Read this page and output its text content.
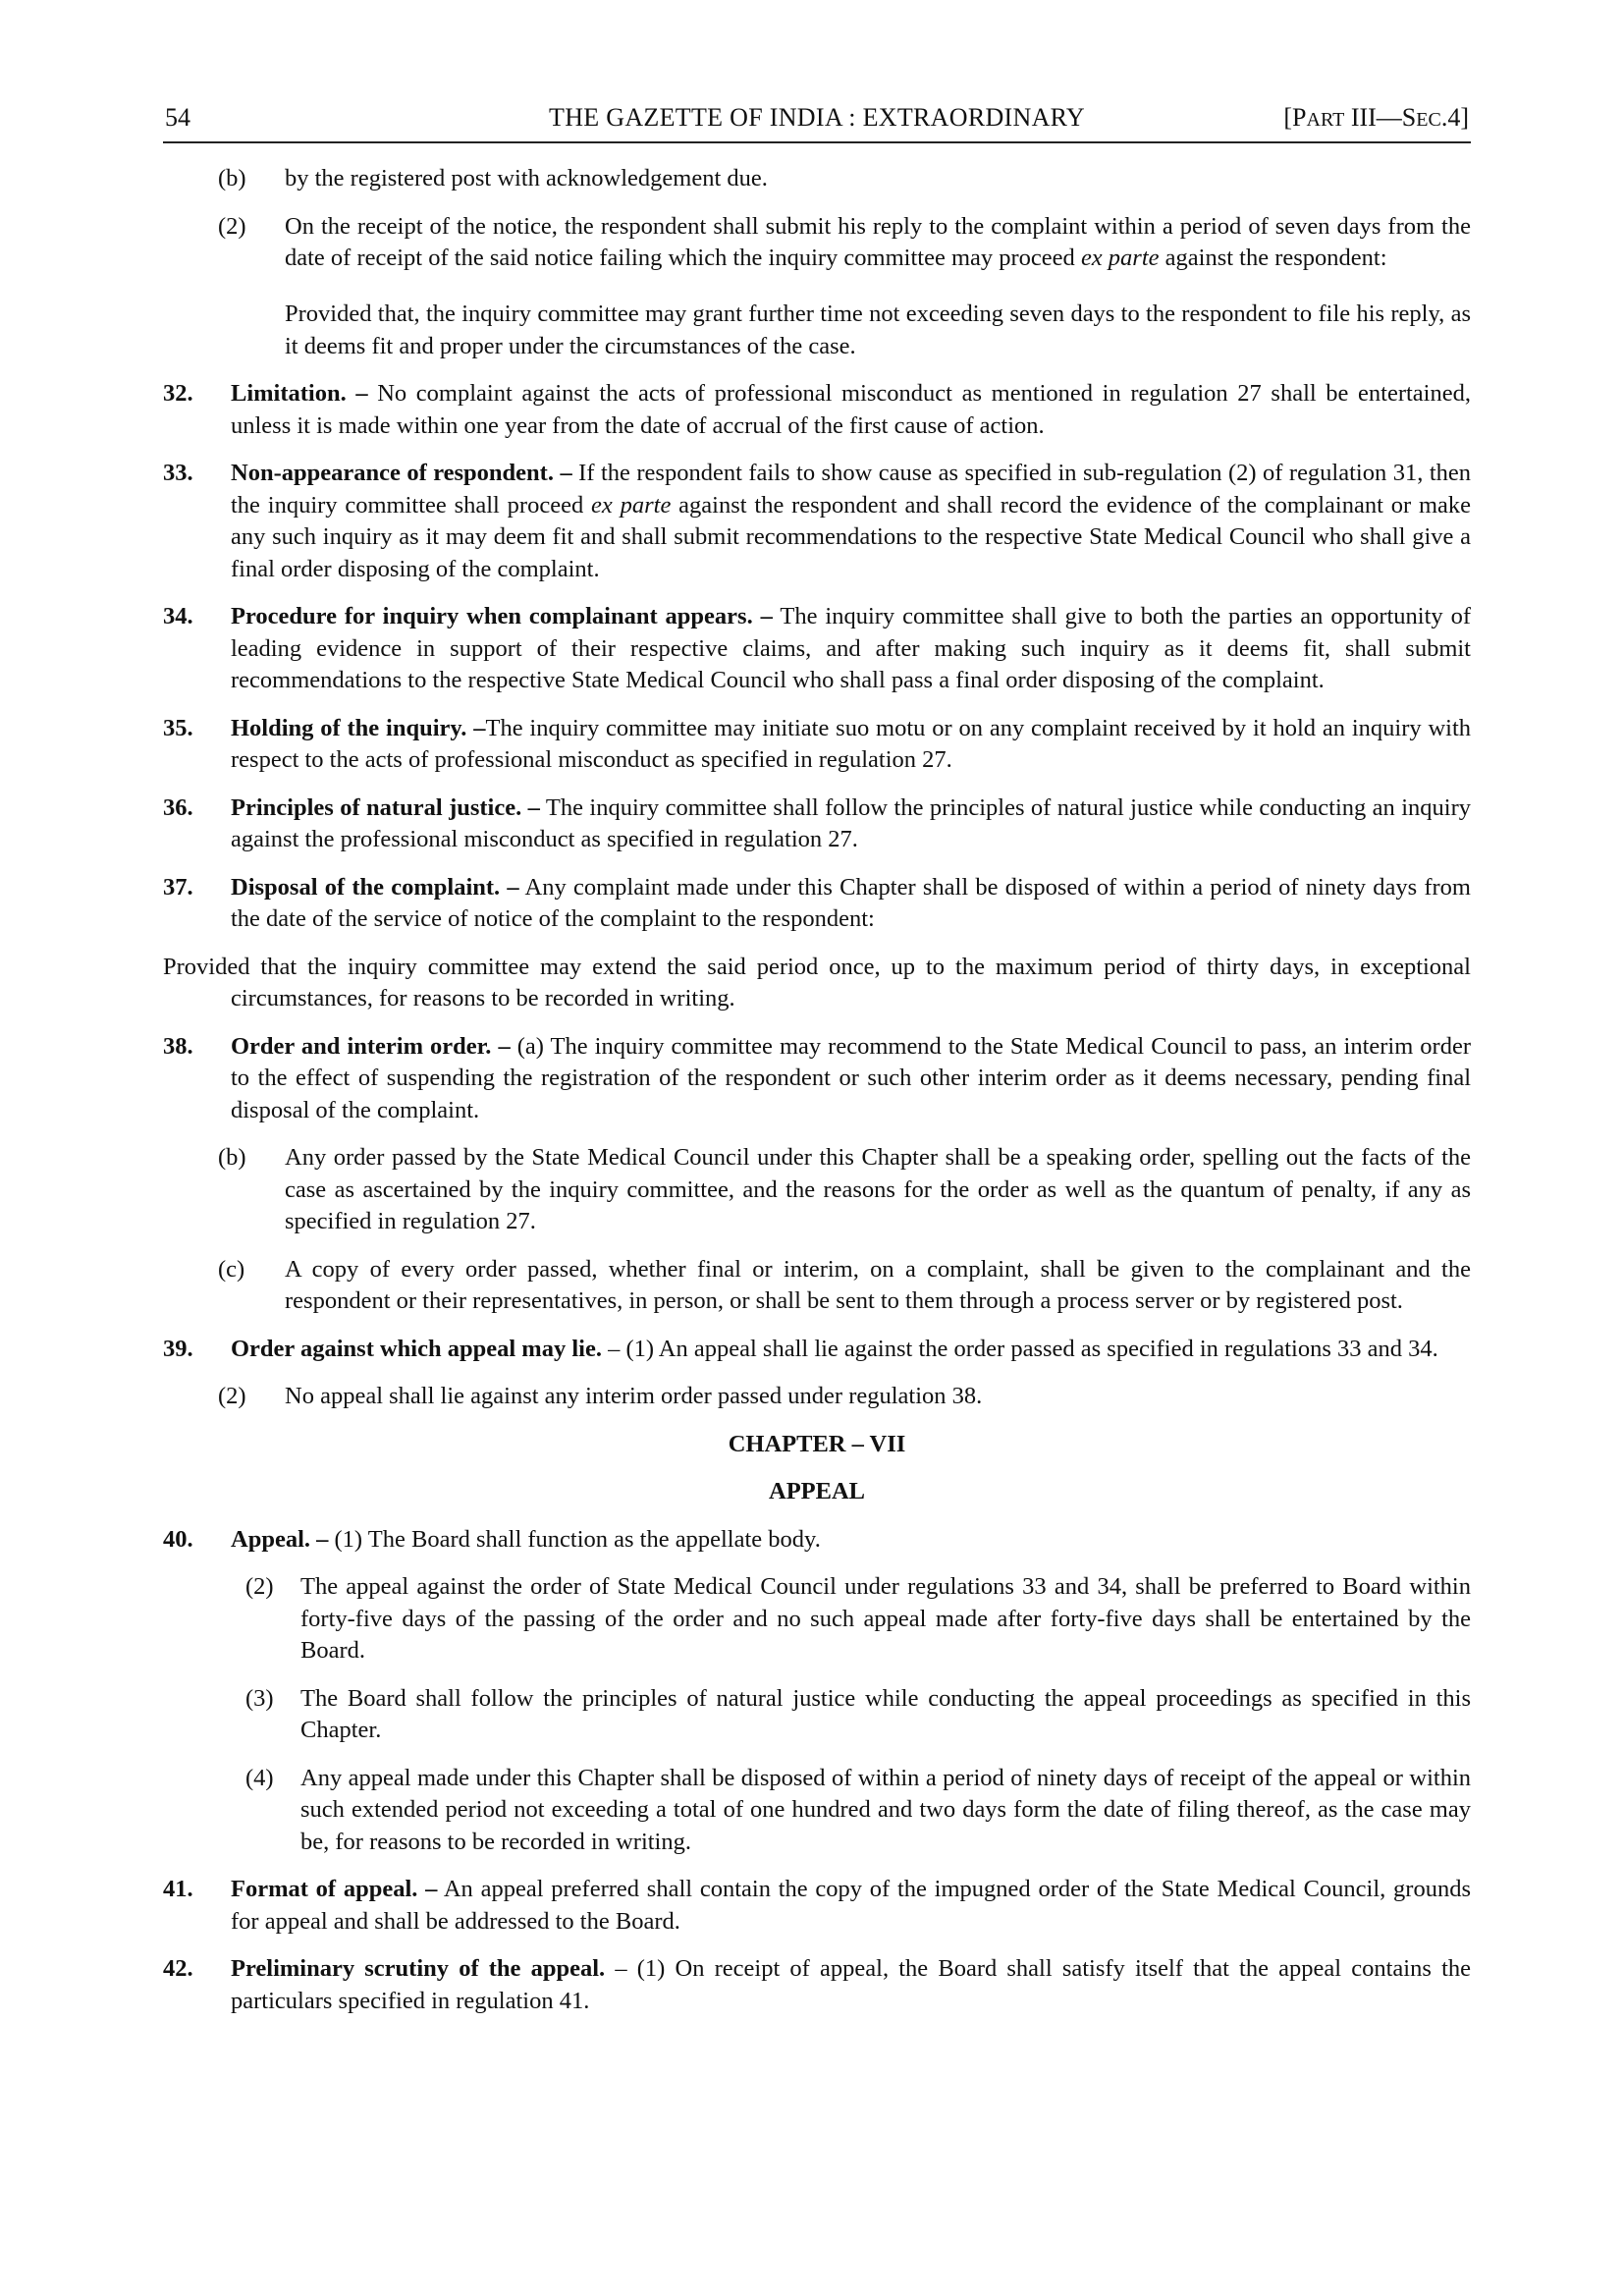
54	THE GAZETTE OF INDIA : EXTRAORDINARY	[PART III—SEC.4]
(b)	by the registered post with acknowledgement due.
(2)	On the receipt of the notice, the respondent shall submit his reply to the complaint within a period of seven days from the date of receipt of the said notice failing which the inquiry committee may proceed ex parte against the respondent:

Provided that, the inquiry committee may grant further time not exceeding seven days to the respondent to file his reply, as it deems fit and proper under the circumstances of the case.

32.	Limitation. – No complaint against the acts of professional misconduct as mentioned in regulation 27 shall be entertained, unless it is made within one year from the date of accrual of the first cause of action.
33.	Non-appearance of respondent. – If the respondent fails to show cause as specified in sub-regulation (2) of regulation 31, then the inquiry committee shall proceed ex parte against the respondent and shall record the evidence of the complainant or make any such inquiry as it may deem fit and shall submit recommendations to the respective State Medical Council who shall give a final order disposing of the complaint.
34.	Procedure for inquiry when complainant appears. – The inquiry committee shall give to both the parties an opportunity of leading evidence in support of their respective claims, and after making such inquiry as it deems fit, shall submit recommendations to the respective State Medical Council who shall pass a final order disposing of the complaint.
35.	Holding of the inquiry. –The inquiry committee may initiate suo motu or on any complaint received by it hold an inquiry with respect to the acts of professional misconduct as specified in regulation 27.
36.	Principles of natural justice. – The inquiry committee shall follow the principles of natural justice while conducting an inquiry against the professional misconduct as specified in regulation 27.
37.	Disposal of the complaint. – Any complaint made under this Chapter shall be disposed of within a period of ninety days from the date of the service of notice of the complaint to the respondent:

Provided that the inquiry committee may extend the said period once, up to the maximum period of thirty days, in exceptional circumstances, for reasons to be recorded in writing.

38.	Order and interim order. – (a) The inquiry committee may recommend to the State Medical Council to pass, an interim order to the effect of suspending the registration of the respondent or such other interim order as it deems necessary, pending final disposal of the complaint.
(b)	Any order passed by the State Medical Council under this Chapter shall be a speaking order, spelling out the facts of the case as ascertained by the inquiry committee, and the reasons for the order as well as the quantum of penalty, if any as specified in regulation 27.
(c)	A copy of every order passed, whether final or interim, on a complaint, shall be given to the complainant and the respondent or their representatives, in person, or shall be sent to them through a process server or by registered post.
39.	Order against which appeal may lie. – (1) An appeal shall lie against the order passed as specified in regulations 33 and 34.
(2)	No appeal shall lie against any interim order passed under regulation 38.

CHAPTER – VII

APPEAL

40.	Appeal. – (1) The Board shall function as the appellate body.
(2)	The appeal against the order of State Medical Council under regulations 33 and 34, shall be preferred to Board within forty-five days of the passing of the order and no such appeal made after forty-five days shall be entertained by the Board.
(3)	The Board shall follow the principles of natural justice while conducting the appeal proceedings as specified in this Chapter.
(4)	Any appeal made under this Chapter shall be disposed of within a period of ninety days of receipt of the appeal or within such extended period not exceeding a total of one hundred and two days form the date of filing thereof, as the case may be, for reasons to be recorded in writing.
41.	Format of appeal. – An appeal preferred shall contain the copy of the impugned order of the State Medical Council, grounds for appeal and shall be addressed to the Board.
42.	Preliminary scrutiny of the appeal. – (1) On receipt of appeal, the Board shall satisfy itself that the appeal contains the particulars specified in regulation 41.
